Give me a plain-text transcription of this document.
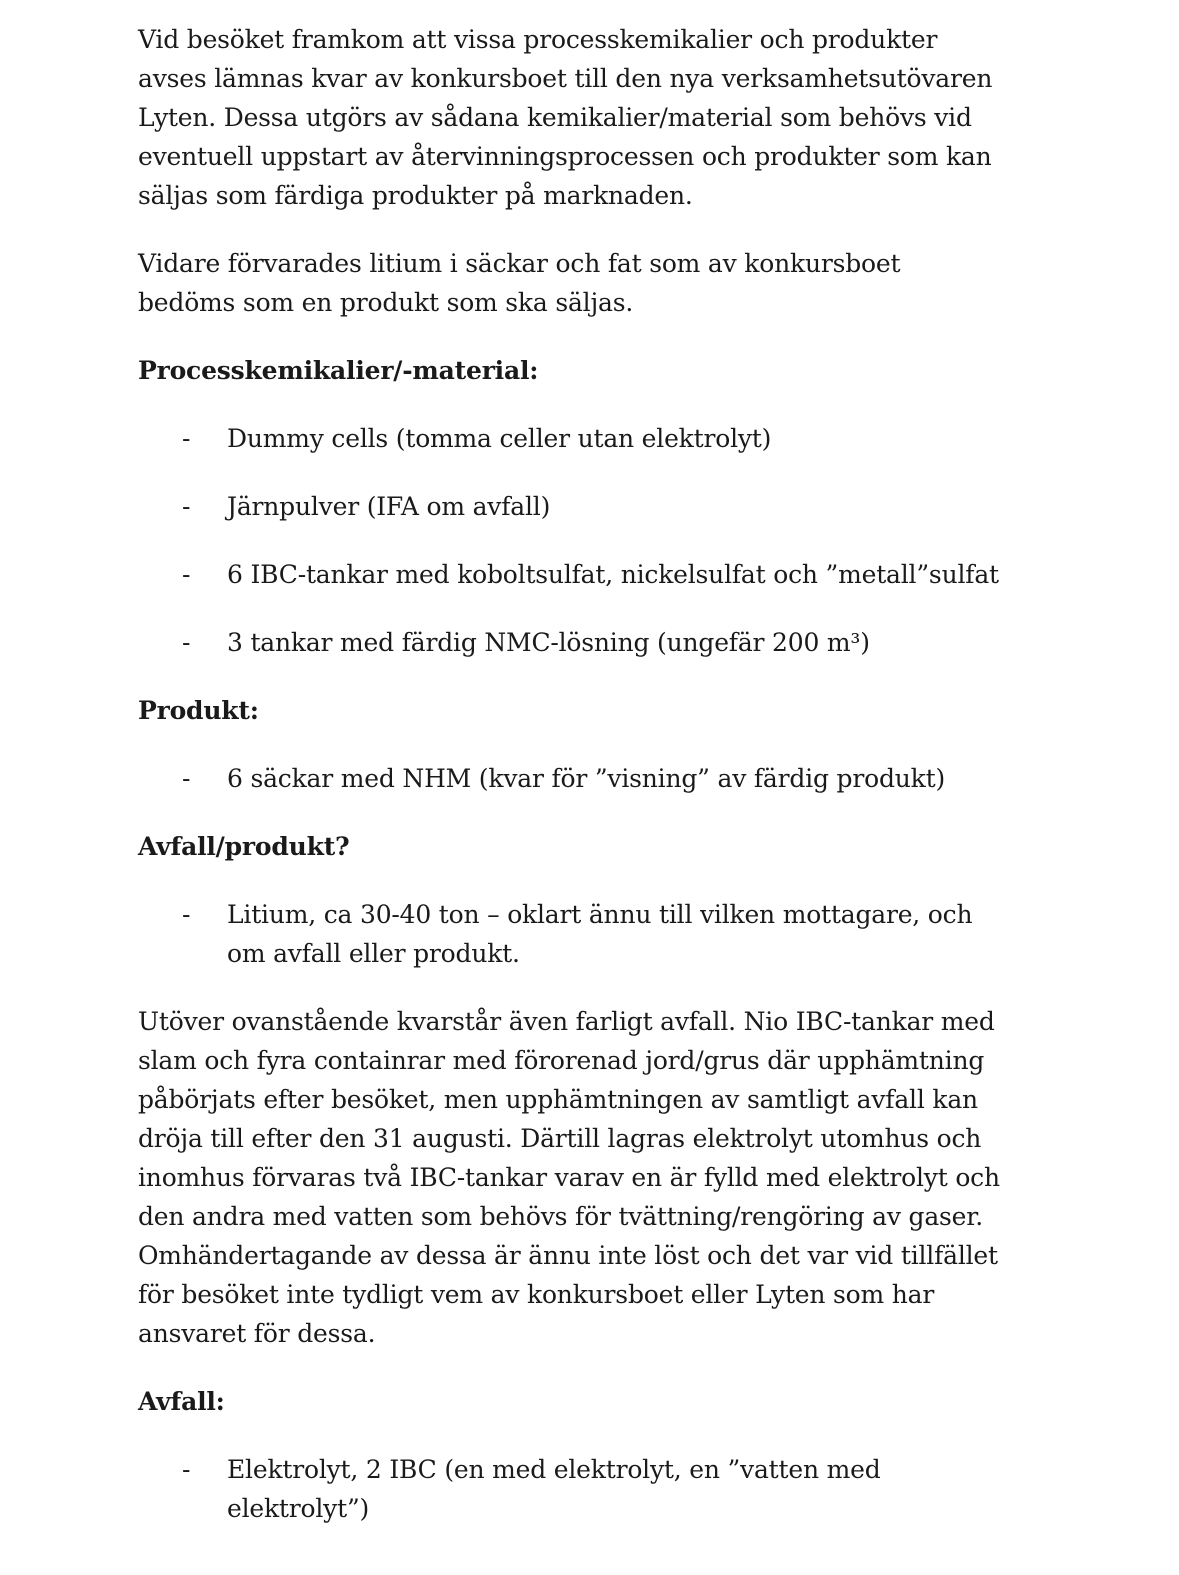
Vid besöket framkom att vissa processkemikalier och produkter
avses lämnas kvar av konkursboet till den nya verksamhetsutövaren
Lyten. Dessa utgörs av sådana kemikalier/material som behövs vid
eventuell uppstart av återvinningsprocessen och produkter som kan
säljas som färdiga produkter på marknaden.

Vidare förvarades litium i säckar och fat som av konkursboet
bedöms som en produkt som ska säljas.

Processkemikalier/-material:

- Dummy cells (tomma celler utan elektrolyt)
- Järnpulver (IFA om avfall)
- 6 IBC-tankar med koboltsulfat, nickelsulfat och ”metall”sulfat
- 3 tankar med färdig NMC-lösning (ungefär 200 m³)

Produkt:

- 6 säckar med NHM (kvar för ”visning” av färdig produkt)

Avfall/produkt?

- Litium, ca 30-40 ton – oklart ännu till vilken mottagare, och
om avfall eller produkt.

Utöver ovanstående kvarstår även farligt avfall. Nio IBC-tankar med
slam och fyra containrar med förorenad jord/grus där upphämtning
påbörjats efter besöket, men upphämtningen av samtligt avfall kan
dröja till efter den 31 augusti. Därtill lagras elektrolyt utomhus och
inomhus förvaras två IBC-tankar varav en är fylld med elektrolyt och
den andra med vatten som behövs för tvättning/rengöring av gaser.
Omhändertagande av dessa är ännu inte löst och det var vid tillfället
för besöket inte tydligt vem av konkursboet eller Lyten som har
ansvaret för dessa.

Avfall:

- Elektrolyt, 2 IBC (en med elektrolyt, en ”vatten med
elektrolyt”)
